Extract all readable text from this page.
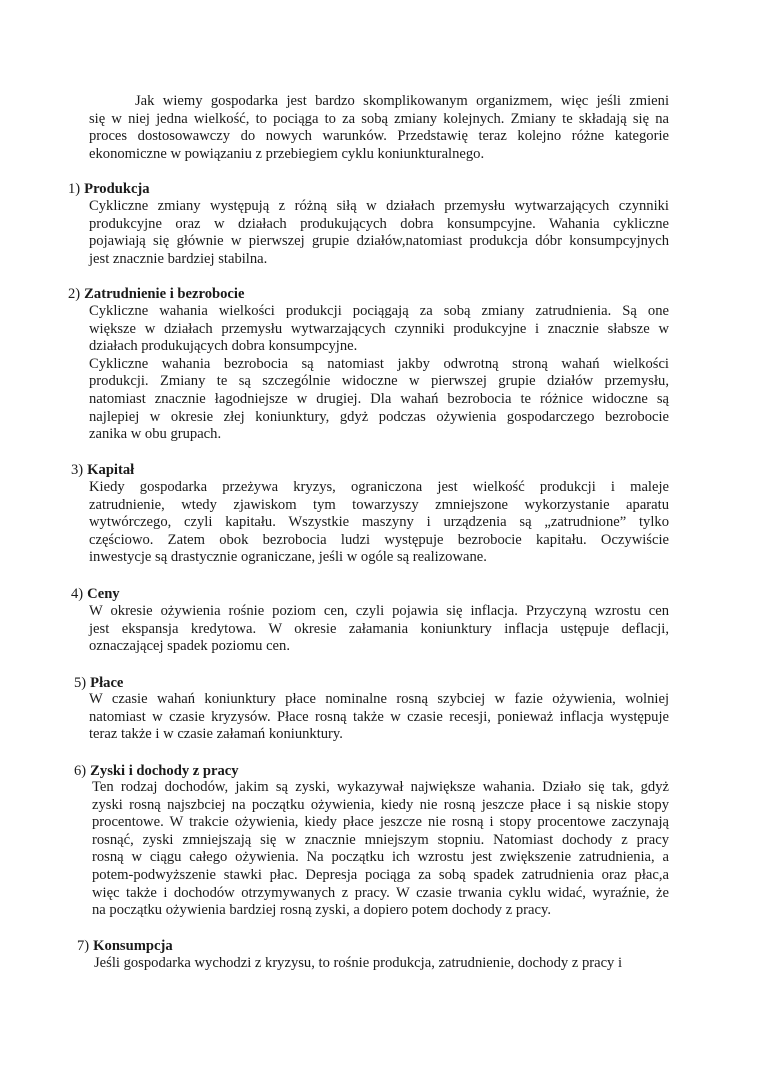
Jak wiemy gospodarka jest bardzo skomplikowanym organizmem, więc jeśli zmieni
się w niej jedna wielkość, to pociąga to za sobą zmiany kolejnych. Zmiany te składają się na
proces dostosowawczy do nowych warunków. Przedstawię teraz kolejno różne kategorie
ekonomiczne w powiązaniu z przebiegiem cyklu koniunkturalnego.
1) Produkcja
Cykliczne zmiany występują z różną siłą w działach przemysłu wytwarzających czynniki
produkcyjne oraz w działach produkujących dobra konsumpcyjne. Wahania cykliczne
pojawiają się głównie w pierwszej grupie działów,natomiast produkcja dóbr konsumpcyjnych
jest znacznie bardziej stabilna.
2) Zatrudnienie i bezrobocie
Cykliczne wahania wielkości produkcji pociągają za sobą zmiany zatrudnienia. Są one
większe w działach przemysłu wytwarzających czynniki produkcyjne i znacznie słabsze w
działach produkujących dobra konsumpcyjne.
Cykliczne wahania bezrobocia są natomiast jakby odwrotną stroną wahań wielkości
produkcji. Zmiany te są szczególnie widoczne w pierwszej grupie działów przemysłu,
natomiast znacznie łagodniejsze w drugiej. Dla wahań bezrobocia te różnice widoczne są
najlepiej w okresie złej koniunktury, gdyż podczas ożywienia gospodarczego bezrobocie
zanika w obu grupach.
3) Kapitał
Kiedy gospodarka przeżywa kryzys, ograniczona jest wielkość produkcji i maleje
zatrudnienie, wtedy zjawiskom tym towarzyszy zmniejszone wykorzystanie aparatu
wytwórczego, czyli kapitału. Wszystkie maszyny i urządzenia są „zatrudnione” tylko
częściowo. Zatem obok bezrobocia ludzi występuje bezrobocie kapitału. Oczywiście
inwestycje są drastycznie ograniczane, jeśli w ogóle są realizowane.
4) Ceny
W okresie ożywienia rośnie poziom cen, czyli pojawia się inflacja. Przyczyną wzrostu cen
jest ekspansja kredytowa. W okresie załamania koniunktury inflacja ustępuje deflacji,
oznaczającej spadek poziomu cen.
5) Płace
W czasie wahań koniunktury płace nominalne rosną szybciej w fazie ożywienia, wolniej
natomiast w czasie kryzysów. Płace rosną także w czasie recesji, ponieważ inflacja występuje
teraz także i w czasie załamań koniunktury.
6) Zyski i dochody z pracy
Ten rodzaj dochodów, jakim są zyski, wykazywał największe wahania. Działo się tak, gdyż
zyski rosną najszbciej na początku ożywienia, kiedy nie rosną jeszcze płace i są niskie stopy
procentowe. W trakcie ożywienia, kiedy płace jeszcze nie rosną i stopy procentowe zaczynają
rosnąć, zyski zmniejszają się w znacznie mniejszym stopniu. Natomiast dochody z pracy
rosną w ciągu całego ożywienia. Na początku ich wzrostu jest zwiększenie zatrudnienia, a
potem-podwyższenie stawki płac. Depresja pociąga za sobą spadek zatrudnienia oraz płac,a
więc także i dochodów otrzymywanych z pracy. W czasie trwania cyklu widać, wyraźnie, że
na początku ożywienia bardziej rosną zyski, a dopiero potem dochody z pracy.
7) Konsumpcja
Jeśli gospodarka wychodzi z kryzysu, to rośnie produkcja, zatrudnienie, dochody z pracy i
